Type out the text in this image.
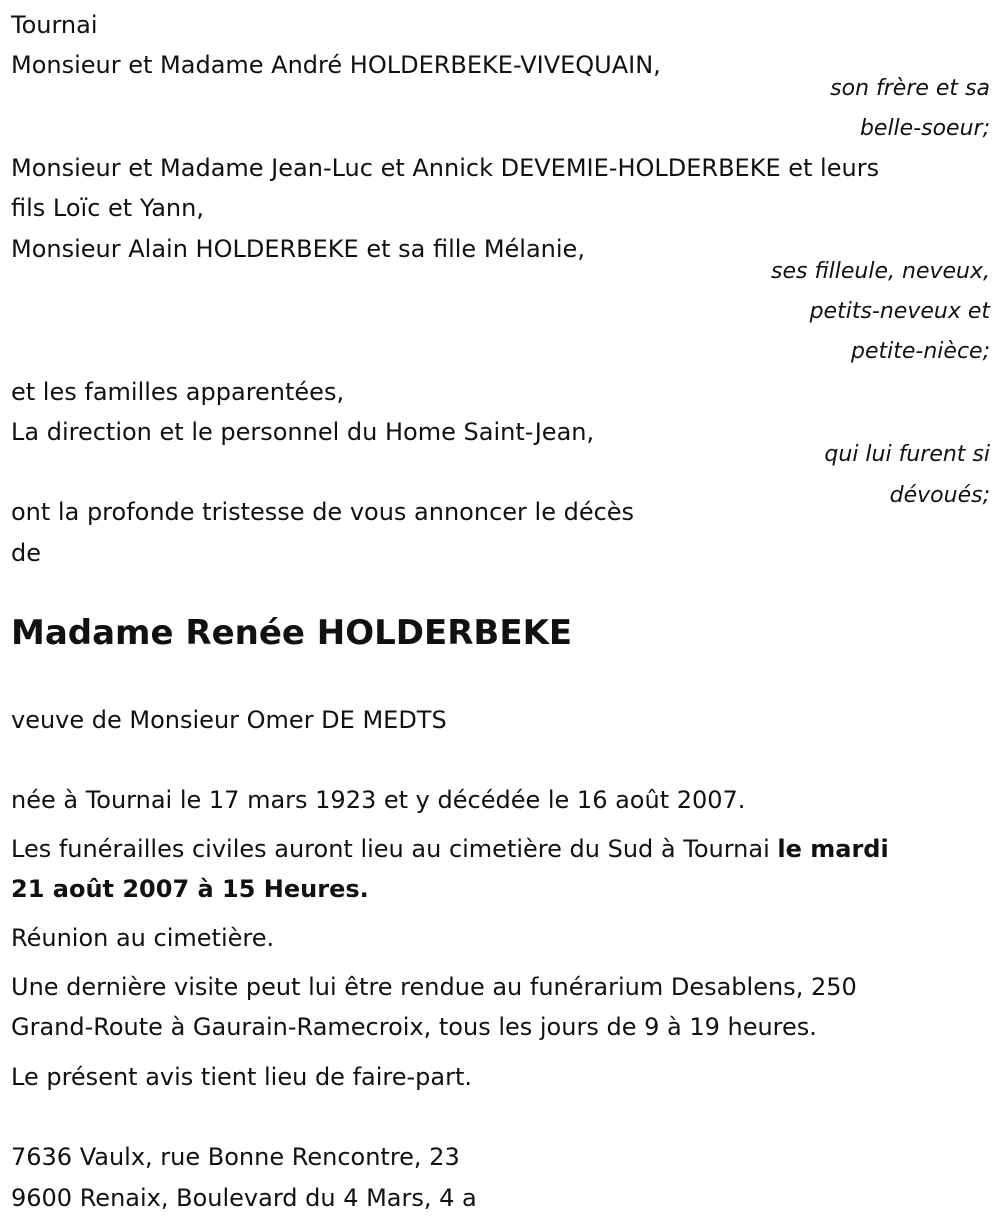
Tournai
Monsieur et Madame André HOLDERBEKE-VIVEQUAIN,
son frère et sa
belle-soeur;
Monsieur et Madame Jean-Luc et Annick DEVEMIE-HOLDERBEKE et leurs
fils Loïc et Yann,
Monsieur Alain HOLDERBEKE et sa fille Mélanie,
ses filleule, neveux,
petits-neveux et
petite-nièce;
et les familles apparentées,
La direction et le personnel du Home Saint-Jean,
qui lui furent si
dévoués;
ont la profonde tristesse de vous annoncer le décès
de
Madame Renée HOLDERBEKE
veuve de Monsieur Omer DE MEDTS
née à Tournai le 17 mars 1923 et y décédée le 16 août 2007.
Les funérailles civiles auront lieu au cimetière du Sud à Tournai le mardi
21 août 2007 à 15 Heures.
Réunion au cimetière.
Une dernière visite peut lui être rendue au funérarium Desablens, 250
Grand-Route à Gaurain-Ramecroix, tous les jours de 9 à 19 heures.
Le présent avis tient lieu de faire-part.
7636 Vaulx, rue Bonne Rencontre, 23
9600 Renaix, Boulevard du 4 Mars, 4 a
